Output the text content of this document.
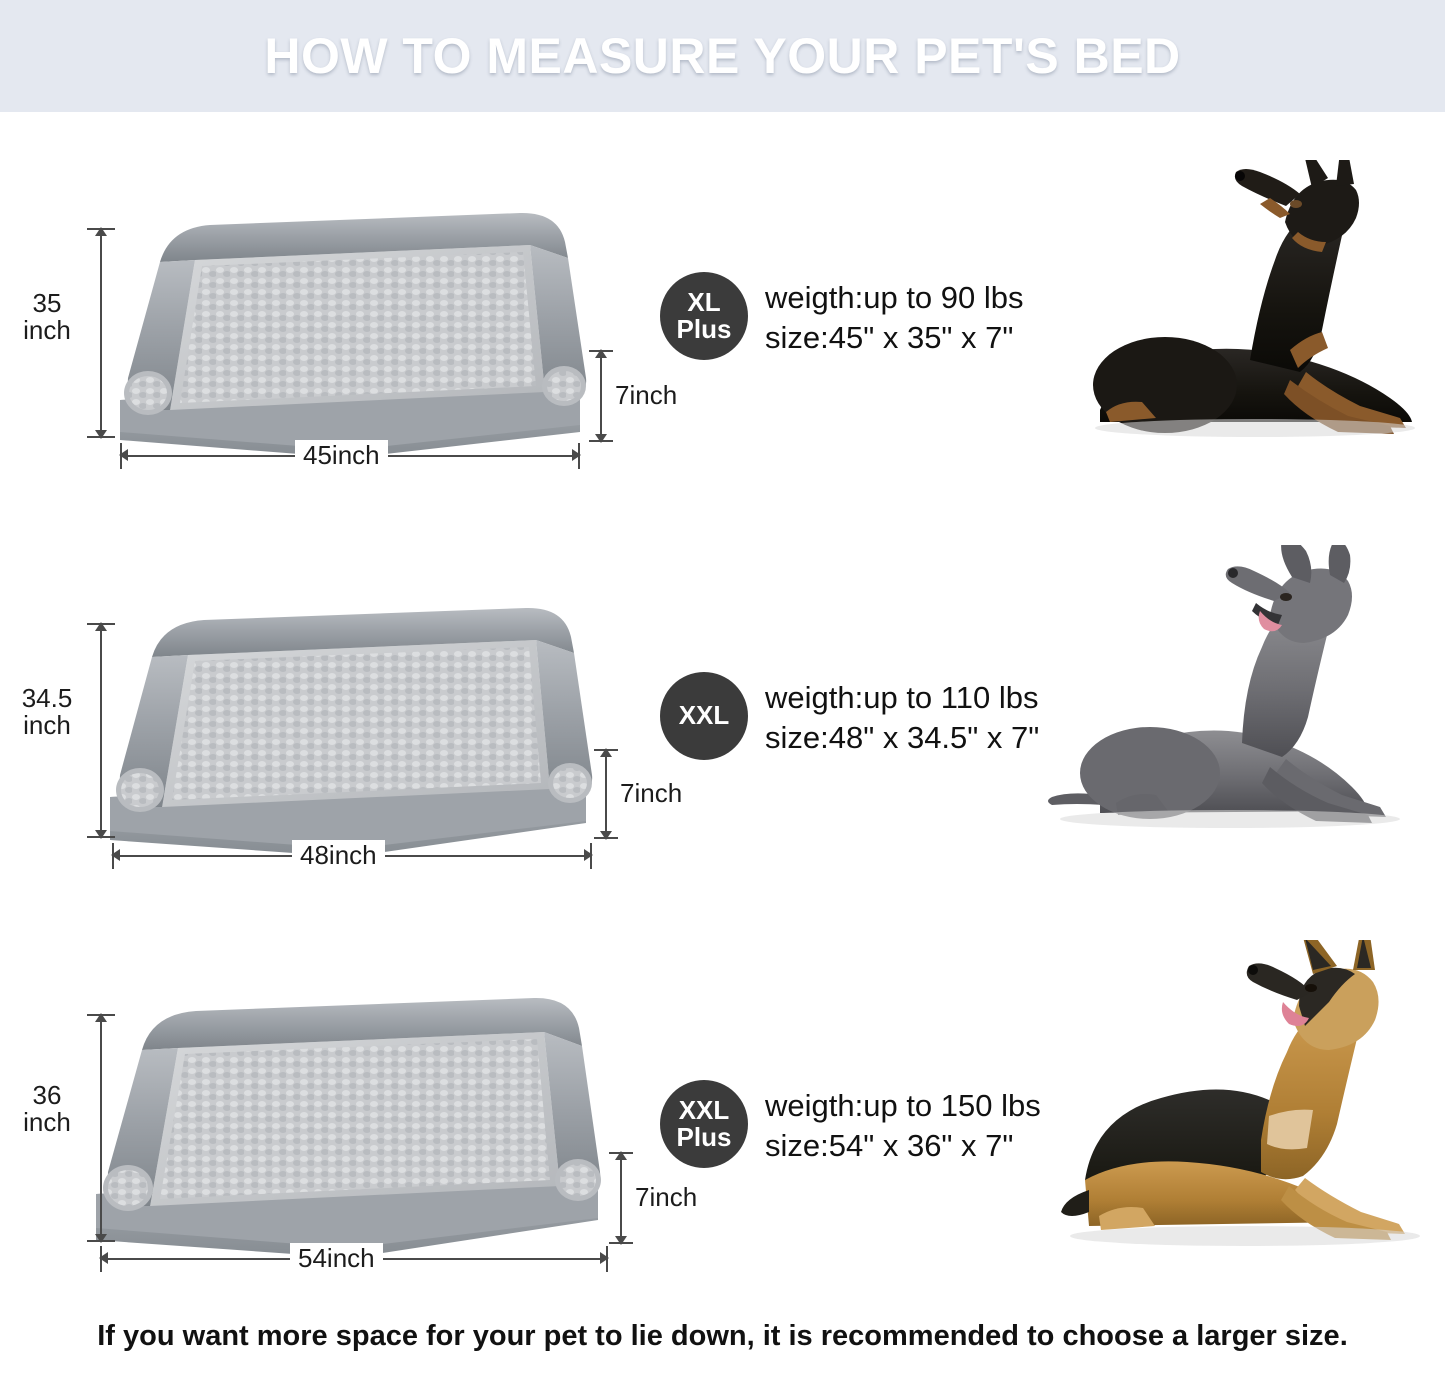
HOW TO MEASURE YOUR PET'S BED
35
inch
45inch
7inch
XL
Plus
weigth:up to 90 lbs
size:45" x 35" x 7"
34.5
inch
48inch
7inch
XXL
weigth:up to 110 lbs
size:48" x 34.5" x 7"
36
inch
54inch
7inch
XXL
Plus
weigth:up to 150 lbs
size:54" x 36" x 7"
If you want more space for your pet to lie down, it is recommended to choose a larger size.
